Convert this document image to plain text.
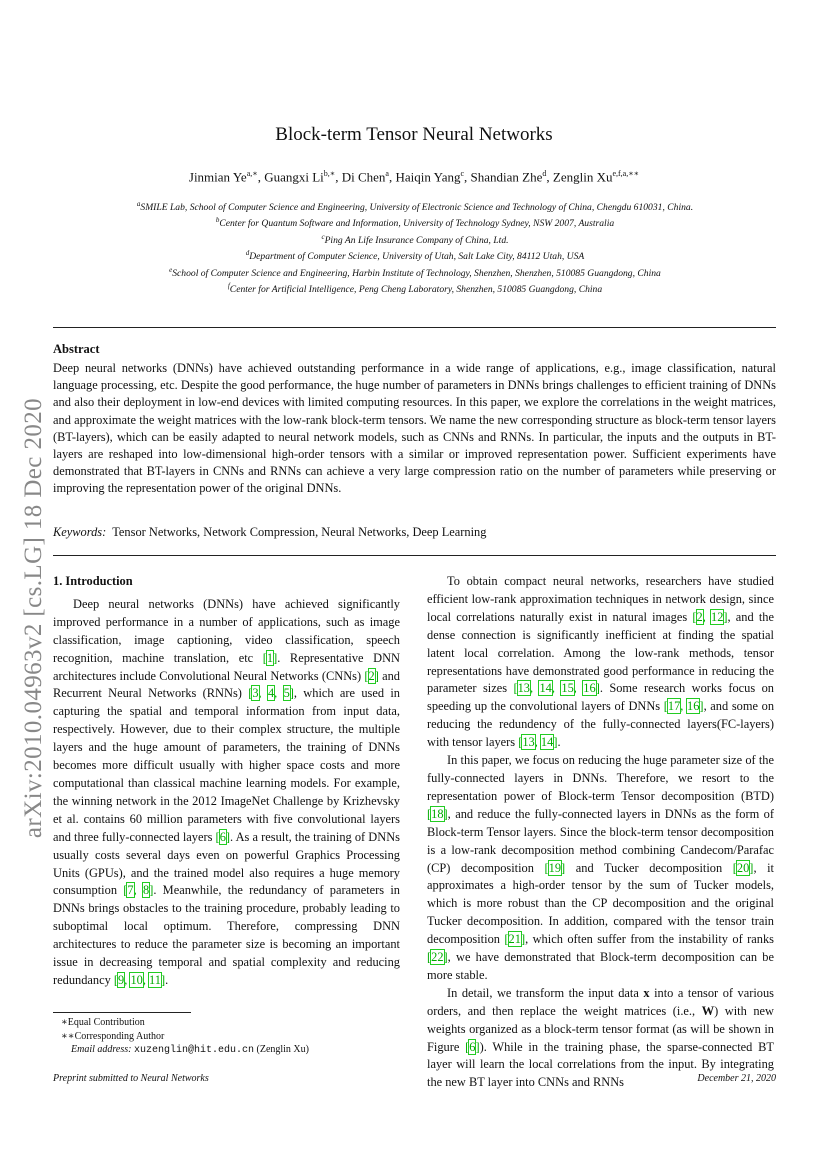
arXiv:2010.04963v2 [cs.LG] 18 Dec 2020
Block-term Tensor Neural Networks
Jinmian $Ye^{a,∗}$, Guangxi $Li^{b,∗}$, Di Chen$^a$, Haiqin Yang$^c$, Shandian Zhe$^d$, Zenglin $Xu^{e,f,a,∗∗}$
$^a$SMILE Lab, School of Computer Science and Engineering, University of Electronic Science and Technology of China, Chengdu 610031, China.
$^b$Center for Quantum Software and Information, University of Technology Sydney, NSW 2007, Australia
$^c$Ping An Life Insurance Company of China, Ltd.
$^d$Department of Computer Science, University of Utah, Salt Lake City, 84112 Utah, USA
$^e$School of Computer Science and Engineering, Harbin Institute of Technology, Shenzhen, Shenzhen, 510085 Guangdong, China
$^f$Center for Artificial Intelligence, Peng Cheng Laboratory, Shenzhen, 510085 Guangdong, China
Abstract
Deep neural networks (DNNs) have achieved outstanding performance in a wide range of applications, e.g., image classification, natural language processing, etc. Despite the good performance, the huge number of parameters in DNNs brings challenges to efficient training of DNNs and also their deployment in low-end devices with limited computing resources. In this paper, we explore the correlations in the weight matrices, and approximate the weight matrices with the low-rank block-term tensors. We name the new corresponding structure as block-term tensor layers (BT-layers), which can be easily adapted to neural network models, such as CNNs and RNNs. In particular, the inputs and the outputs in BT-layers are reshaped into low-dimensional high-order tensors with a similar or improved representation power. Sufficient experiments have demonstrated that BT-layers in CNNs and RNNs can achieve a very large compression ratio on the number of parameters while preserving or improving the representation power of the original DNNs.
Keywords: Tensor Networks, Network Compression, Neural Networks, Deep Learning
1. Introduction

Deep neural networks (DNNs) have achieved significantly improved performance in a number of applications, such as image classification, image captioning, video classification, speech recognition, machine translation, etc [1]. Representative DNN architectures include Convolutional Neural Networks (CNNs) [2] and Recurrent Neural Networks (RNNs) [3, 4, 5], which are used in capturing the spatial and temporal information from input data, respectively. However, due to their complex structure, the multiple layers and the huge amount of parameters, the training of DNNs becomes more difficult usually with higher space costs and more computational than classical machine learning models. For example, the winning network in the 2012 ImageNet Challenge by Krizhevsky et al. contains 60 million parameters with five convolutional layers and three fully-connected layers [6]. As a result, the training of DNNs usually costs several days even on powerful Graphics Processing Units (GPUs), and the trained model also requires a huge memory consumption [7, 8]. Meanwhile, the redundancy of parameters in DNNs brings obstacles to the training procedure, probably leading to suboptimal local optimum. Therefore, compressing DNN architectures to reduce the parameter size is becoming an important issue in decreasing temporal and spatial complexity and reducing redundancy [9, 10, 11].

To obtain compact neural networks, researchers have studied efficient low-rank approximation techniques in network design, since local correlations naturally exist in natural images [2, 12], and the dense connection is significantly inefficient at finding the spatial latent local correlation. Among the low-rank methods, tensor representations have demonstrated good performance in reducing the parameter sizes [13, 14, 15, 16]. Some research works focus on speeding up the convolutional layers of DNNs [17, 16], and some on reducing the redundency of the fully-connected layers(FC-layers) with tensor layers [13, 14].

In this paper, we focus on reducing the huge parameter size of the fully-connected layers in DNNs. Therefore, we resort to the representation power of Block-term Tensor decomposition (BTD) [18], and reduce the fully-connected layers in DNNs as the form of Block-term Tensor layers. Since the block-term tensor decomposition is a low-rank decomposition method combining Candecom/Parafac (CP) decomposition [19] and Tucker decomposition [20], it approximates a high-order tensor by the sum of Tucker models, which is more robust than the CP decomposition and the original Tucker decomposition. In addition, compared with the tensor train decomposition [21], which often suffer from the instability of ranks [22], we have demonstrated that Block-term decomposition can be more stable.

In detail, we transform the input data x into a tensor of various orders, and then replace the weight matrices (i.e., W) with new weights organized as a block-term tensor format (as will be shown in Figure [6]). While in the training phase, the sparse-connected BT layer will learn the local correlations from the input. By integrating the new BT layer into CNNs and RNNs

∗Equal Contribution
∗∗Corresponding Author
Email address: xuzenglin@hit.edu.cn (Zenglin Xu)
Preprint submitted to Neural Networks	December 21, 2020
